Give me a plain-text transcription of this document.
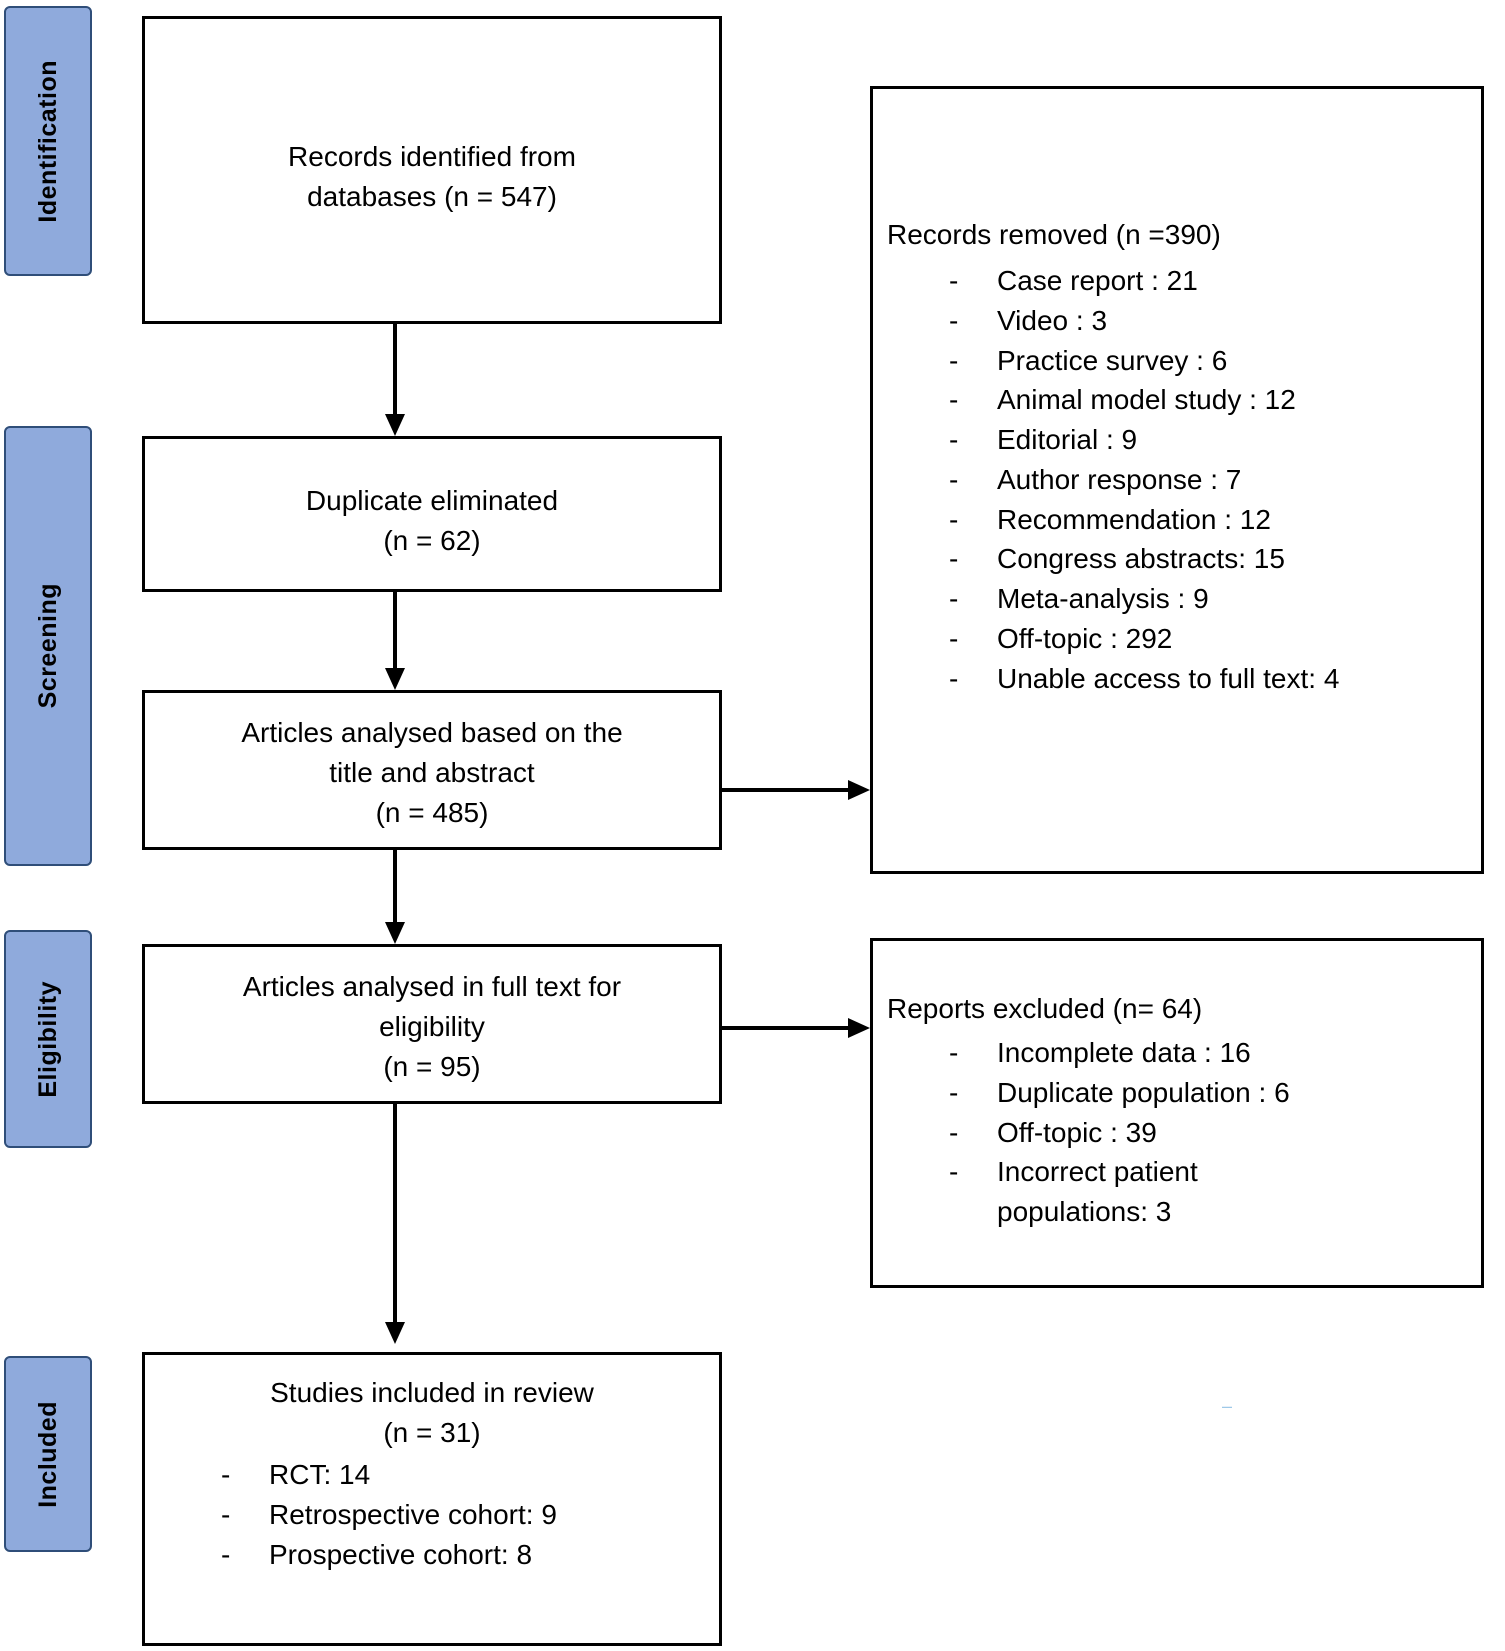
Identification
Screening
Eligibility
Included
Records identified from
databases (n = 547)
Duplicate eliminated
(n = 62)
Articles analysed based on the
title and abstract
(n = 485)
Articles analysed in full text for
eligibility
(n = 95)
Studies included in review
(n = 31)
- RCT: 14
- Retrospective cohort: 9
- Prospective cohort: 8
Records removed (n =390)
- Case report : 21
- Video : 3
- Practice survey : 6
- Animal model study : 12
- Editorial : 9
- Author response : 7
- Recommendation : 12
- Congress abstracts: 15
- Meta-analysis : 9
- Off-topic : 292
- Unable access to full text: 4
Reports excluded (n= 64)
- Incomplete data : 16
- Duplicate population : 6
- Off-topic : 39
- Incorrect patient populations: 3
‒
